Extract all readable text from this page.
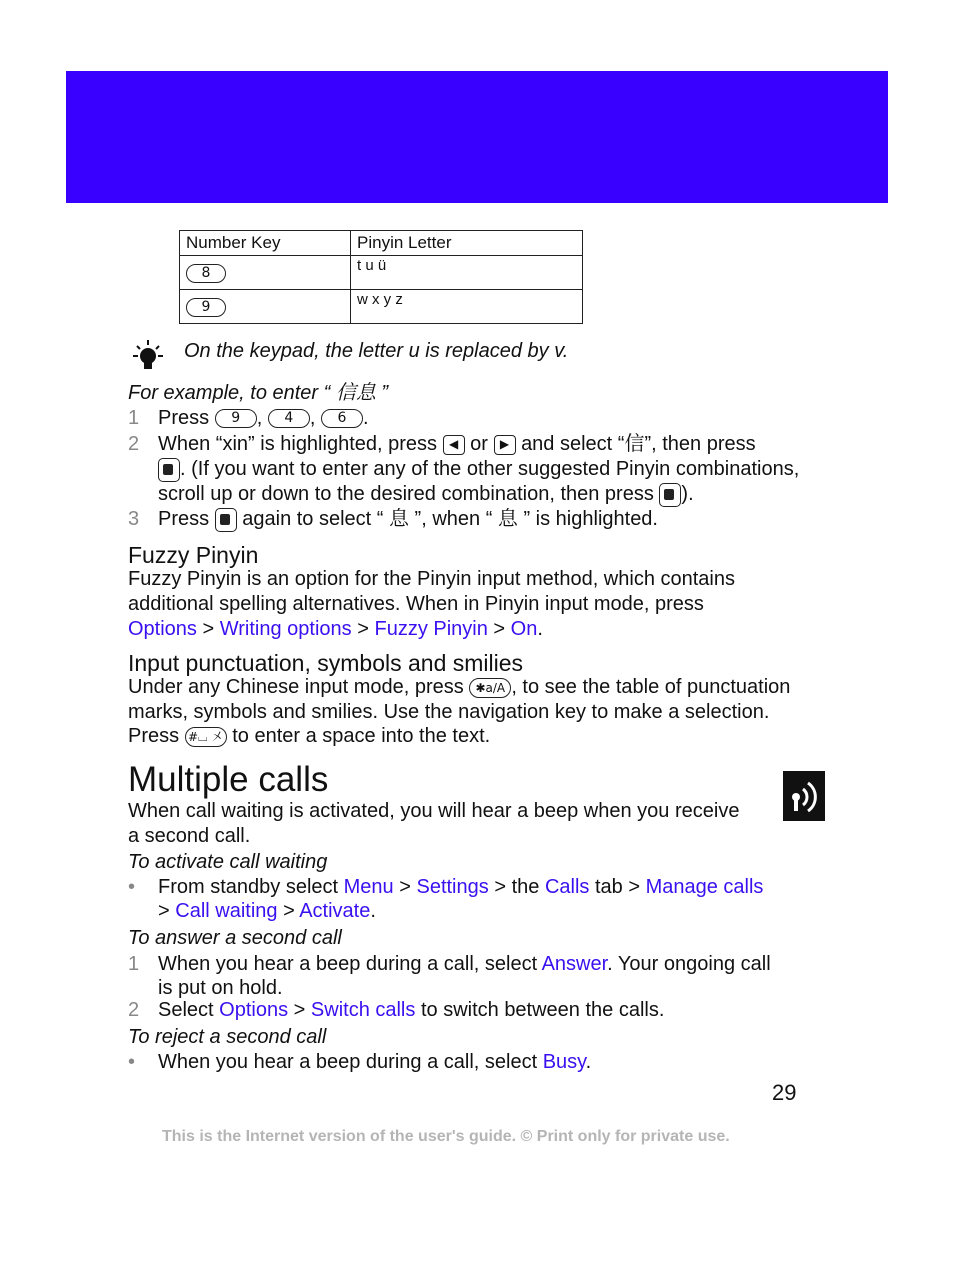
Number Key	Pinyin Letter
8	t u ü
9	w x y z
On the keypad, the letter u is replaced by v.
For example, to enter “ 信息 ”
1 Press 9 , 4 , 6 .
2 When “xin” is highlighted, press ◀ or ▶ and select “信”, then press
. (If you want to enter any of the other suggested Pinyin combinations,
scroll up or down to the desired combination, then press ).
3 Press again to select “ 息 ”, when “ 息 ” is highlighted.
Fuzzy Pinyin
Fuzzy Pinyin is an option for the Pinyin input method, which contains
additional spelling alternatives. When in Pinyin input mode, press
Options > Writing options > Fuzzy Pinyin > On.
Input punctuation, symbols and smilies
Under any Chinese input mode, press ✱a/A , to see the table of punctuation
marks, symbols and smilies. Use the navigation key to make a selection.
Press #⌴ 㐅 to enter a space into the text.
Multiple calls
When call waiting is activated, you will hear a beep when you receive
a second call.
To activate call waiting
• From standby select Menu > Settings > the Calls tab > Manage calls
> Call waiting > Activate.
To answer a second call
1 When you hear a beep during a call, select Answer. Your ongoing call
is put on hold.
2 Select Options > Switch calls to switch between the calls.
To reject a second call
• When you hear a beep during a call, select Busy.
29
This is the Internet version of the user's guide. © Print only for private use.
